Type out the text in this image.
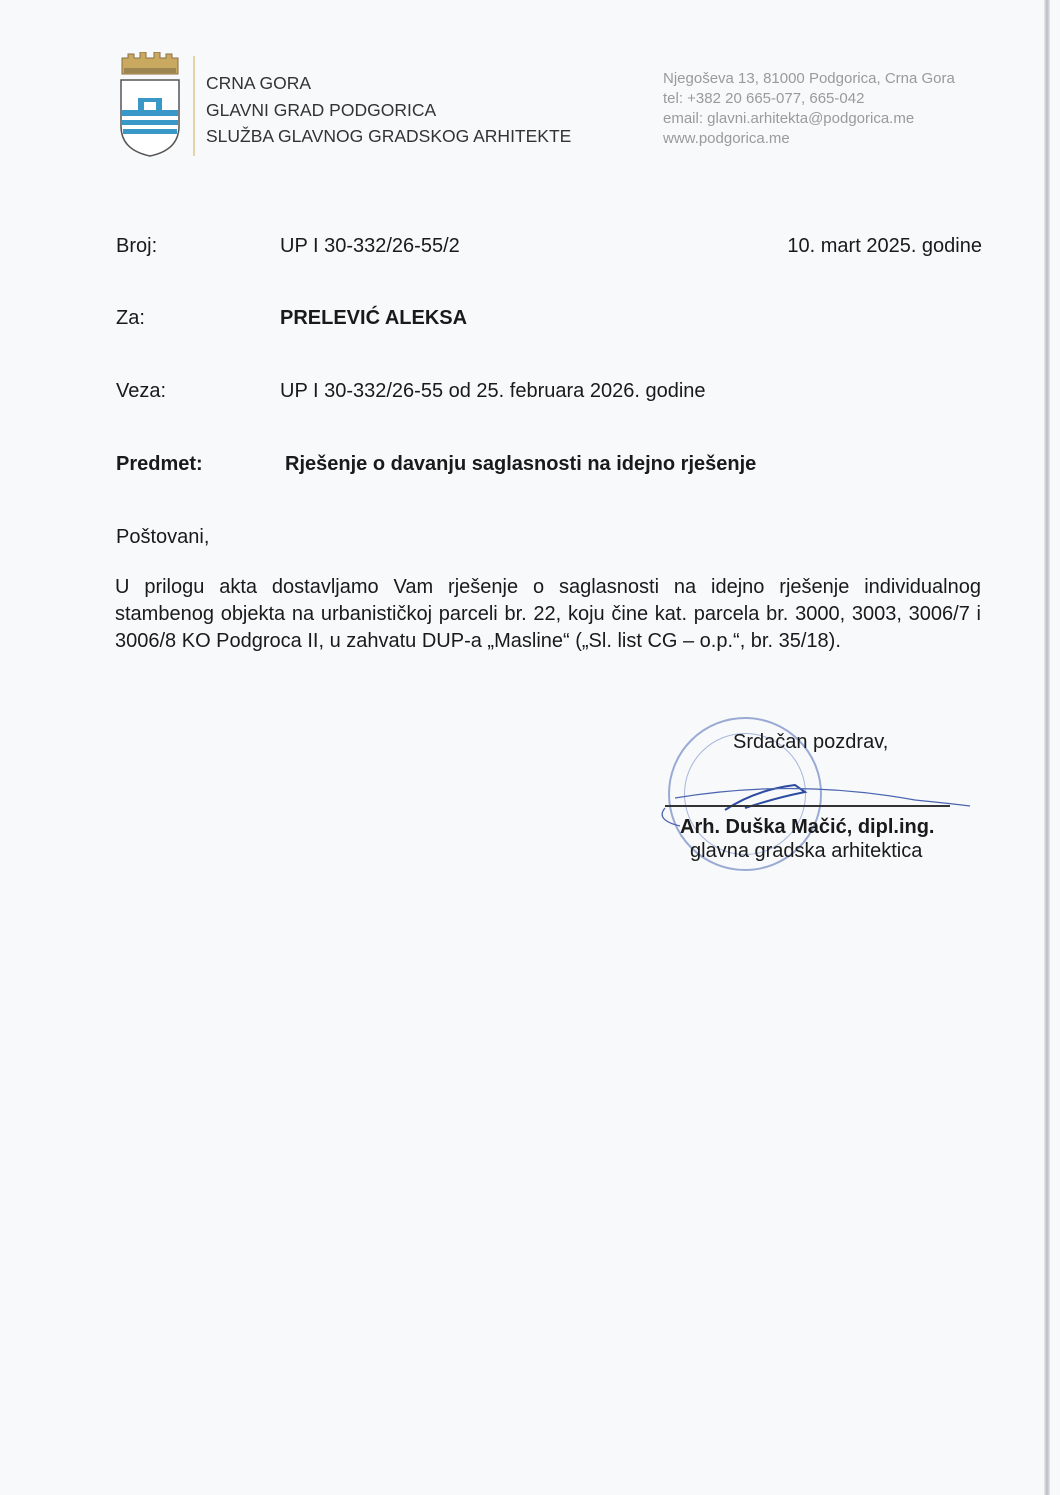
CRNA GORA
GLAVNI GRAD PODGORICA
SLUŽBA GLAVNOG GRADSKOG ARHITEKTE
Njegoševa 13, 81000 Podgorica, Crna Gora
tel: +382 20 665-077, 665-042
email: glavni.arhitekta@podgorica.me
www.podgorica.me
Broj:	UP I 30-332/26-55/2	10. mart 2025. godine
Za:	PRELEVIĆ ALEKSA
Veza:	UP I 30-332/26-55 od 25. februara 2026. godine
Predmet:	Rješenje o davanju saglasnosti na idejno rješenje
Poštovani,
U prilogu akta dostavljamo Vam rješenje o saglasnosti na idejno rješenje individualnog stambenog objekta na urbanističkoj parceli br. 22, koju čine kat. parcela br. 3000, 3003, 3006/7 i 3006/8 KO Podgroca II, u zahvatu DUP-a „Masline“ („Sl. list CG – o.p.“, br. 35/18).
Srdačan pozdrav,
Arh. Duška Mačić, dipl.ing.
glavna gradska arhitektica
